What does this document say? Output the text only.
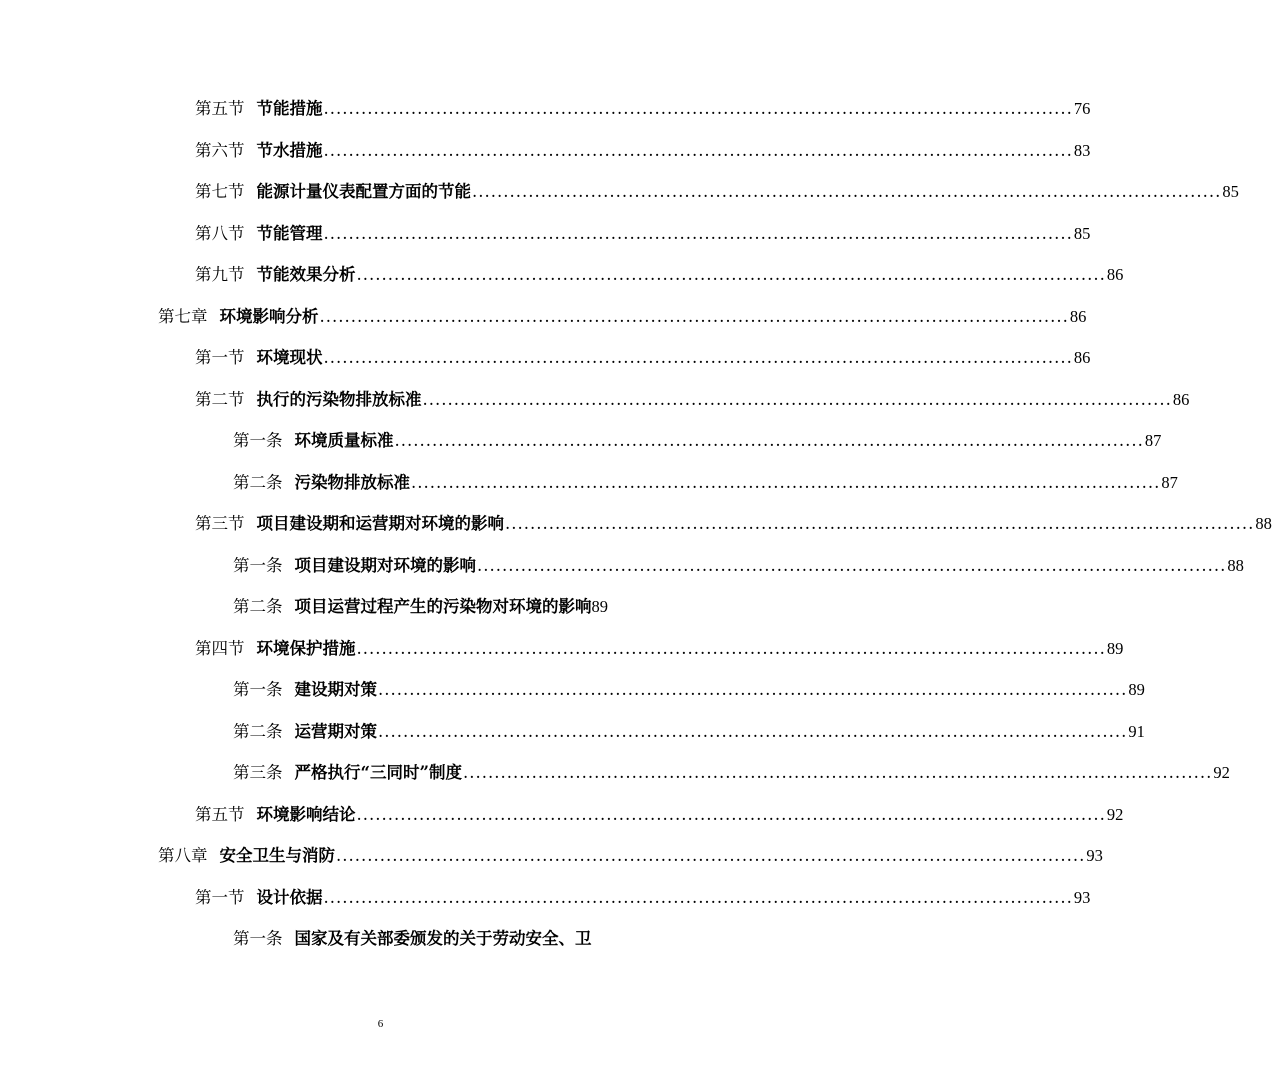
第五节 节能措施 ........................................................................................................................ 76
第六节 节水措施 ........................................................................................................................ 83
第七节 能源计量仪表配置方面的节能 ........................................................................................................................ 85
第八节 节能管理 ........................................................................................................................ 85
第九节 节能效果分析 ........................................................................................................................ 86
第七章 环境影响分析 ........................................................................................................................ 86
第一节 环境现状 ........................................................................................................................ 86
第二节 执行的污染物排放标准 ........................................................................................................................ 86
第一条 环境质量标准 ........................................................................................................................ 87
第二条 污染物排放标准 ........................................................................................................................ 87
第三节 项目建设期和运营期对环境的影响 ........................................................................................................................ 88
第一条 项目建设期对环境的影响 ........................................................................................................................ 88
第二条 项目运营过程产生的污染物对环境的影响 89
第四节 环境保护措施 ........................................................................................................................ 89
第一条 建设期对策 ........................................................................................................................ 89
第二条 运营期对策 ........................................................................................................................ 91
第三条 严格执行“三同时”制度 ........................................................................................................................ 92
第五节 环境影响结论 ........................................................................................................................ 92
第八章 安全卫生与消防 ........................................................................................................................ 93
第一节 设计依据 ........................................................................................................................ 93
第一条 国家及有关部委颁发的关于劳动安全、卫
6
